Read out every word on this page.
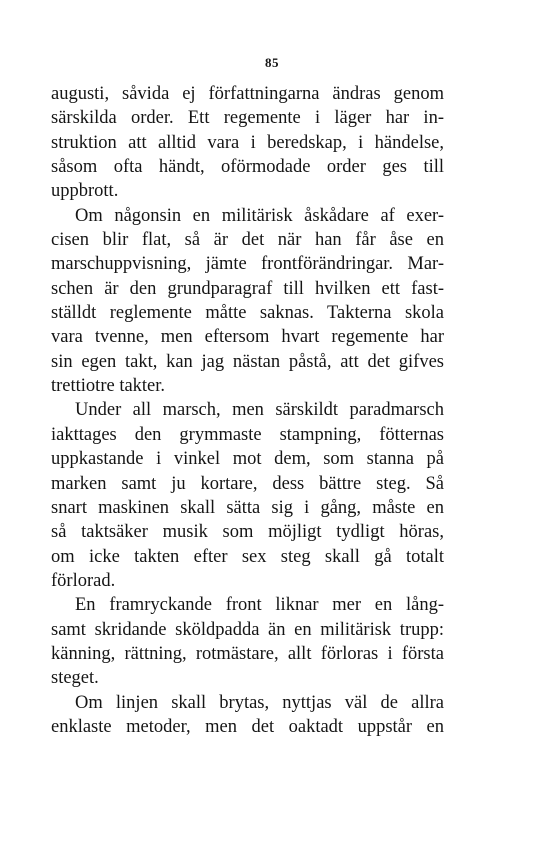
85
augusti, såvida ej författningarna ändras genom
särskilda order. Ett regemente i läger har in-
struktion att alltid vara i beredskap, i händelse,
såsom ofta händt, oförmodade order ges till
uppbrott.
Om någonsin en militärisk åskådare af exer-
cisen blir flat, så är det när han får åse en
marschuppvisning, jämte frontförändringar. Mar-
schen är den grundparagraf till hvilken ett fast-
ställdt reglemente måtte saknas. Takterna skola
vara tvenne, men eftersom hvart regemente har
sin egen takt, kan jag nästan påstå, att det gifves
trettiotre takter.
Under all marsch, men särskildt paradmarsch
iakttages den grymmaste stampning, fötternas
uppkastande i vinkel mot dem, som stanna på
marken samt ju kortare, dess bättre steg. Så
snart maskinen skall sätta sig i gång, måste en
så taktsäker musik som möjligt tydligt höras,
om icke takten efter sex steg skall gå totalt
förlorad.
En framryckande front liknar mer en lång-
samt skridande sköldpadda än en militärisk trupp:
känning, rättning, rotmästare, allt förloras i första
steget.
Om linjen skall brytas, nyttjas väl de allra
enklaste metoder, men det oaktadt uppstår en
